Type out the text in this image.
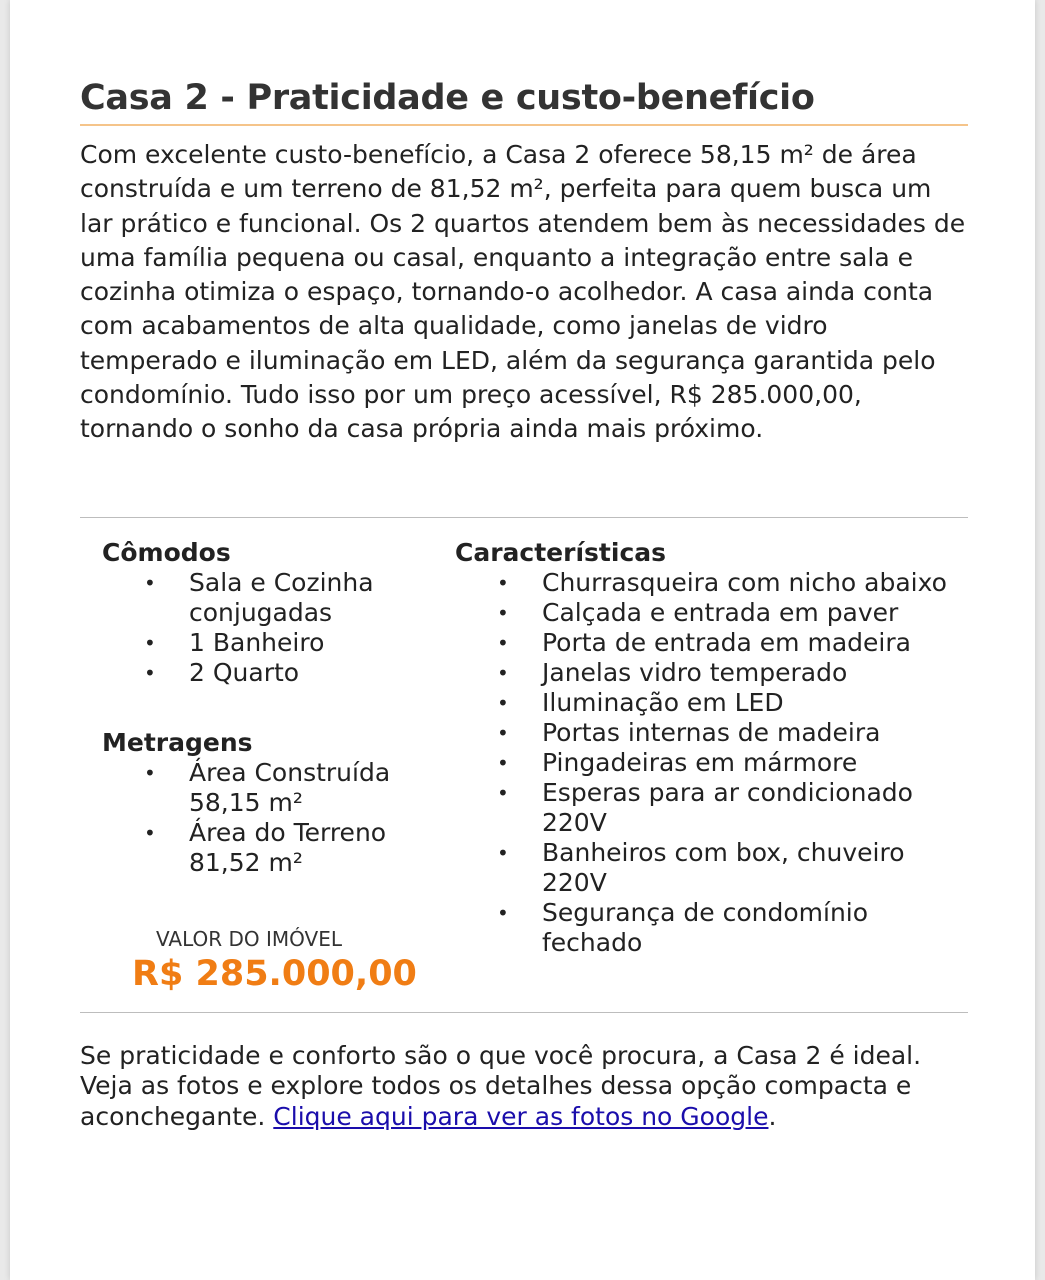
Casa 2 - Praticidade e custo-benefício

Com excelente custo-benefício, a Casa 2 oferece 58,15 m² de área construída e um terreno de 81,52 m², perfeita para quem busca um lar prático e funcional. Os 2 quartos atendem bem às necessidades de uma família pequena ou casal, enquanto a integração entre sala e cozinha otimiza o espaço, tornando-o acolhedor. A casa ainda conta com acabamentos de alta qualidade, como janelas de vidro temperado e iluminação em LED, além da segurança garantida pelo condomínio. Tudo isso por um preço acessível, R$ 285.000,00, tornando o sonho da casa própria ainda mais próximo.

Cômodos
• Sala e Cozinha conjugadas
• 1 Banheiro
• 2 Quarto
Metragens
• Área Construída 58,15 m²
• Área do Terreno 81,52 m²
VALOR DO IMÓVEL
R$ 285.000,00
Características
• Churrasqueira com nicho abaixo
• Calçada e entrada em paver
• Porta de entrada em madeira
• Janelas vidro temperado
• Iluminação em LED
• Portas internas de madeira
• Pingadeiras em mármore
• Esperas para ar condicionado 220V
• Banheiros com box, chuveiro 220V
• Segurança de condomínio fechado

Se praticidade e conforto são o que você procura, a Casa 2 é ideal. Veja as fotos e explore todos os detalhes dessa opção compacta e aconchegante. Clique aqui para ver as fotos no Google.
